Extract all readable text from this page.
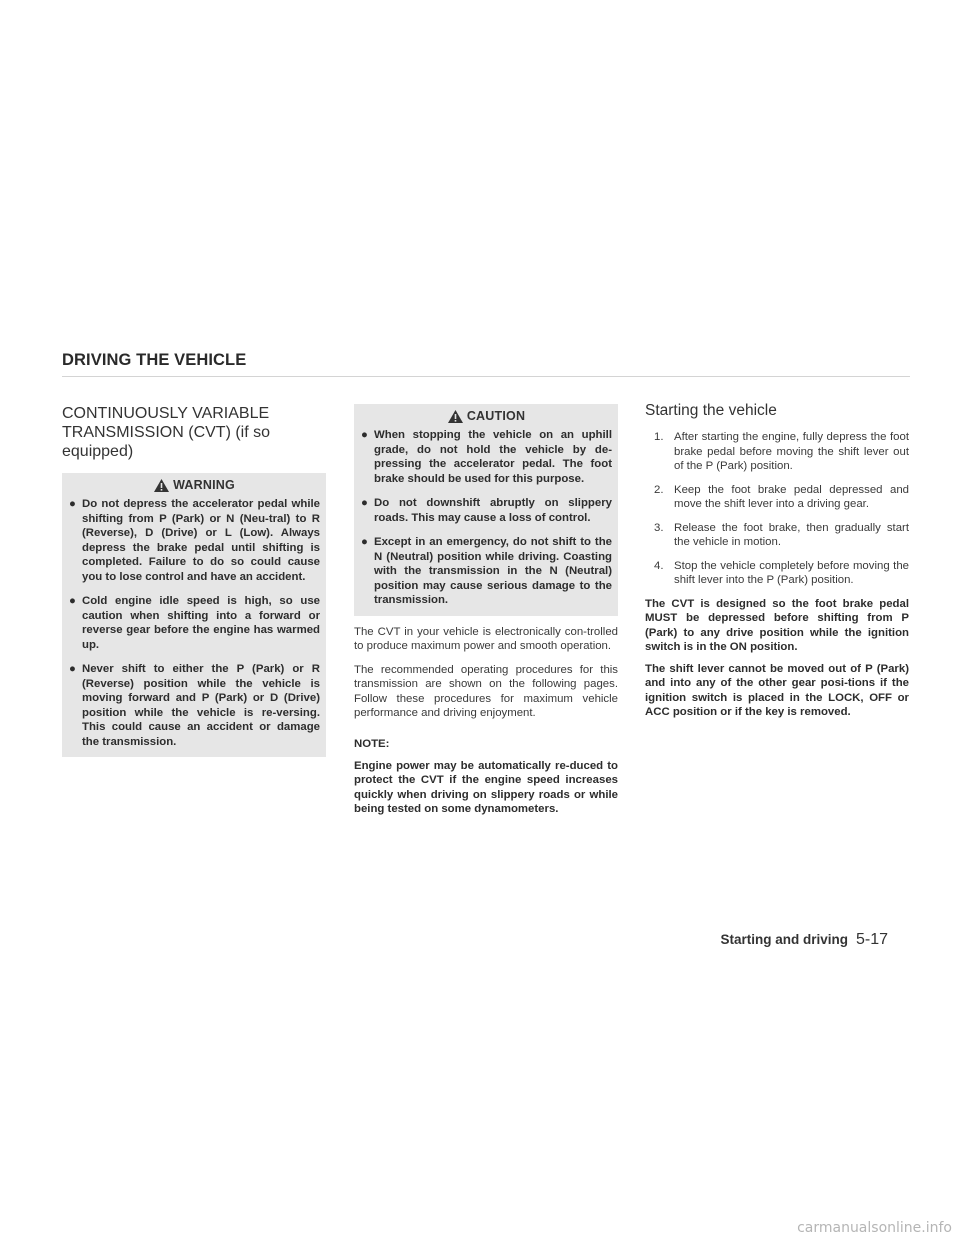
DRIVING THE VEHICLE
CONTINUOUSLY VARIABLE
TRANSMISSION (CVT) (if so
equipped)
WARNING
● Do not depress the accelerator pedal while shifting from P (Park) or N (Neu-tral) to R (Reverse), D (Drive) or L (Low). Always depress the brake pedal until shifting is completed. Failure to do so could cause you to lose control and have an accident.
● Cold engine idle speed is high, so use caution when shifting into a forward or reverse gear before the engine has warmed up.
● Never shift to either the P (Park) or R (Reverse) position while the vehicle is moving forward and P (Park) or D (Drive) position while the vehicle is re-versing. This could cause an accident or damage the transmission.
CAUTION
● When stopping the vehicle on an uphill grade, do not hold the vehicle by de-pressing the accelerator pedal. The foot brake should be used for this purpose.
● Do not downshift abruptly on slippery roads. This may cause a loss of control.
● Except in an emergency, do not shift to the N (Neutral) position while driving. Coasting with the transmission in the N (Neutral) position may cause serious damage to the transmission.

The CVT in your vehicle is electronically con-trolled to produce maximum power and smooth operation.

The recommended operating procedures for this transmission are shown on the following pages. Follow these procedures for maximum vehicle performance and driving enjoyment.

NOTE:

Engine power may be automatically re-duced to protect the CVT if the engine speed increases quickly when driving on slippery roads or while being tested on some dynamometers.

Starting the vehicle
1. After starting the engine, fully depress the foot brake pedal before moving the shift lever out of the P (Park) position.
2. Keep the foot brake pedal depressed and move the shift lever into a driving gear.
3. Release the foot brake, then gradually start the vehicle in motion.
4. Stop the vehicle completely before moving the shift lever into the P (Park) position.

The CVT is designed so the foot brake pedal MUST be depressed before shifting from P (Park) to any drive position while the ignition switch is in the ON position.

The shift lever cannot be moved out of P (Park) and into any of the other gear posi-tions if the ignition switch is placed in the LOCK, OFF or ACC position or if the key is removed.

Starting and driving 5-17
carmanualsonline.info
